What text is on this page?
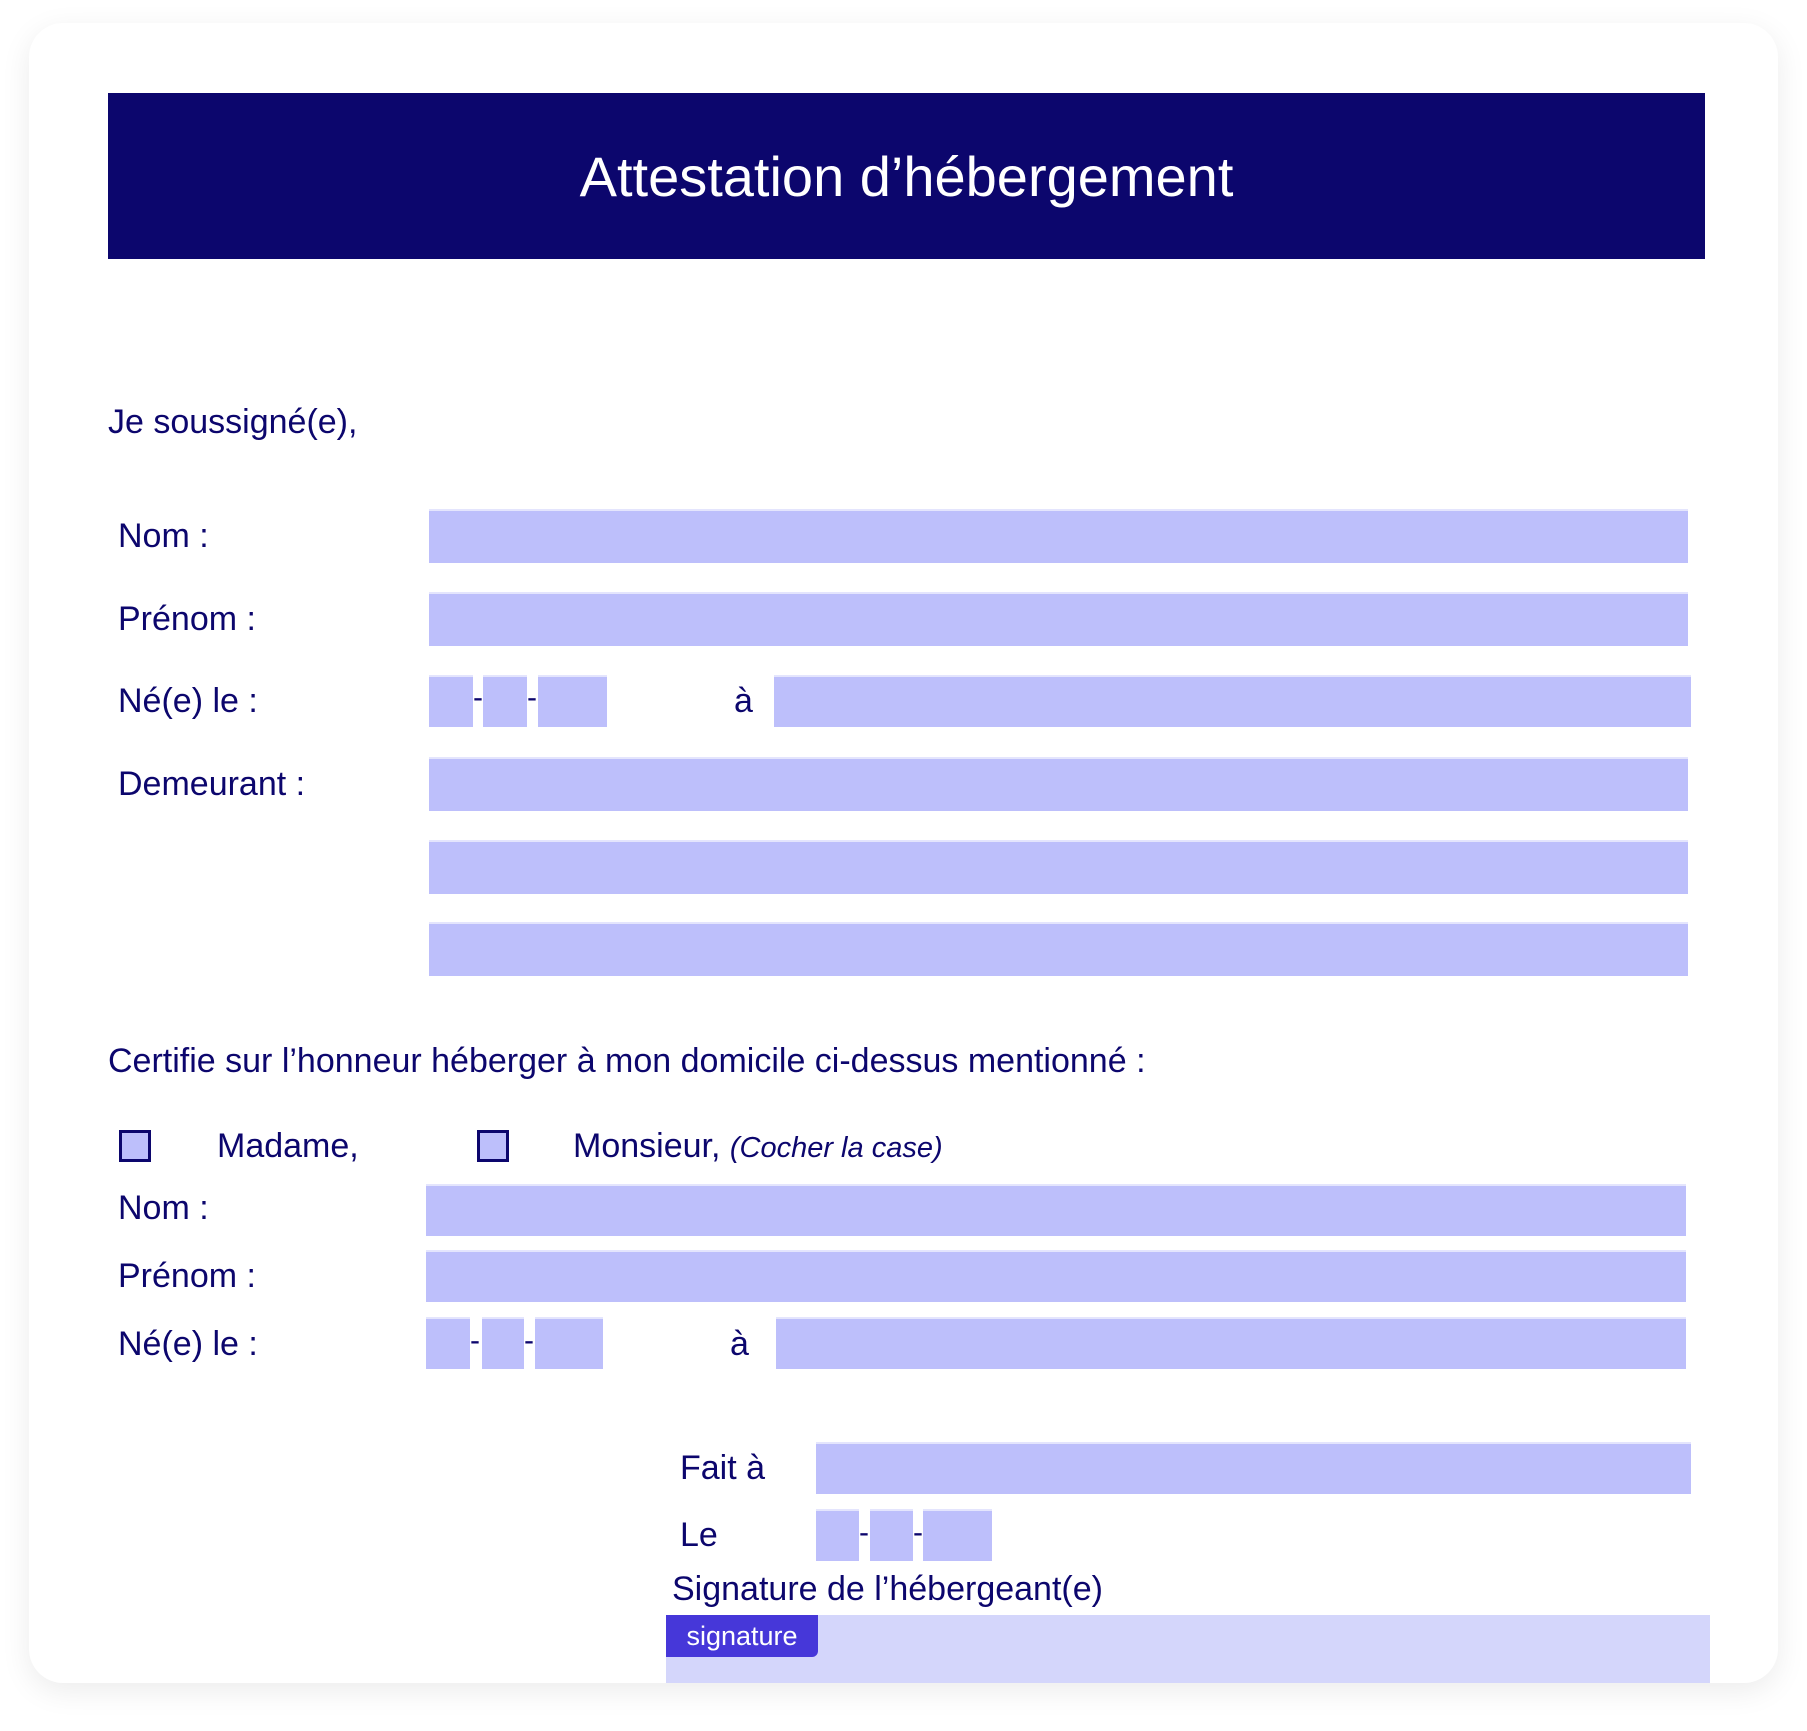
Attestation d’hébergement
Je soussigné(e),
Nom :
Prénom :
Né(e) le :	- -	à
Demeurant :
Certifie sur l’honneur héberger à mon domicile ci-dessus mentionné :
Madame,	Monsieur, (Cocher la case)
Nom :
Prénom :
Né(e) le :	- -	à
Fait à
Le	- -
Signature de l’hébergeant(e)
signature
